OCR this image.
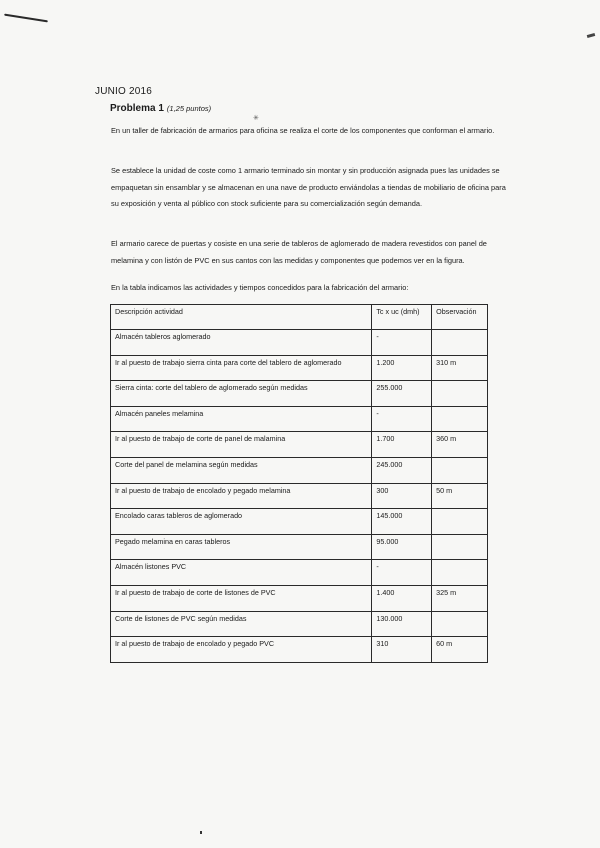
✳
JUNIO 2016
Problema 1 (1,25 puntos)
En un taller de fabricación de armarios para oficina se realiza el corte de los componentes que conforman el armario.
Se establece la unidad de coste como 1 armario terminado sin montar y sin producción asignada pues las unidades se empaquetan sin ensamblar y se almacenan en una nave de producto enviándolas a tiendas de mobiliario de oficina para su exposición y venta al público con stock suficiente para su comercialización según demanda.
El armario carece de puertas y cosiste en una serie de tableros de aglomerado de madera revestidos con panel de melamina y con listón de PVC en sus cantos con las medidas y componentes que podemos ver en la figura.
En la tabla indicamos las actividades y tiempos concedidos para la fabricación del armario:
Descripción actividad	Tc x uc (dmh)	Observación
Almacén tableros aglomerado	-	
Ir al puesto de trabajo sierra cinta para corte del tablero de aglomerado	1.200	310 m
Sierra cinta: corte del tablero de aglomerado según medidas	255.000	
Almacén paneles melamina	-	
Ir al puesto de trabajo de corte de panel de malamina	1.700	360 m
Corte del panel de melamina según medidas	245.000	
Ir al puesto de trabajo de encolado y pegado melamina	300	50 m
Encolado caras tableros de aglomerado	145.000	
Pegado melamina en caras tableros	95.000	
Almacén listones PVC	-	
Ir al puesto de trabajo de corte de listones de PVC	1.400	325 m
Corte de listones de PVC según medidas	130.000	
Ir al puesto de trabajo de encolado y pegado PVC	310	60 m
